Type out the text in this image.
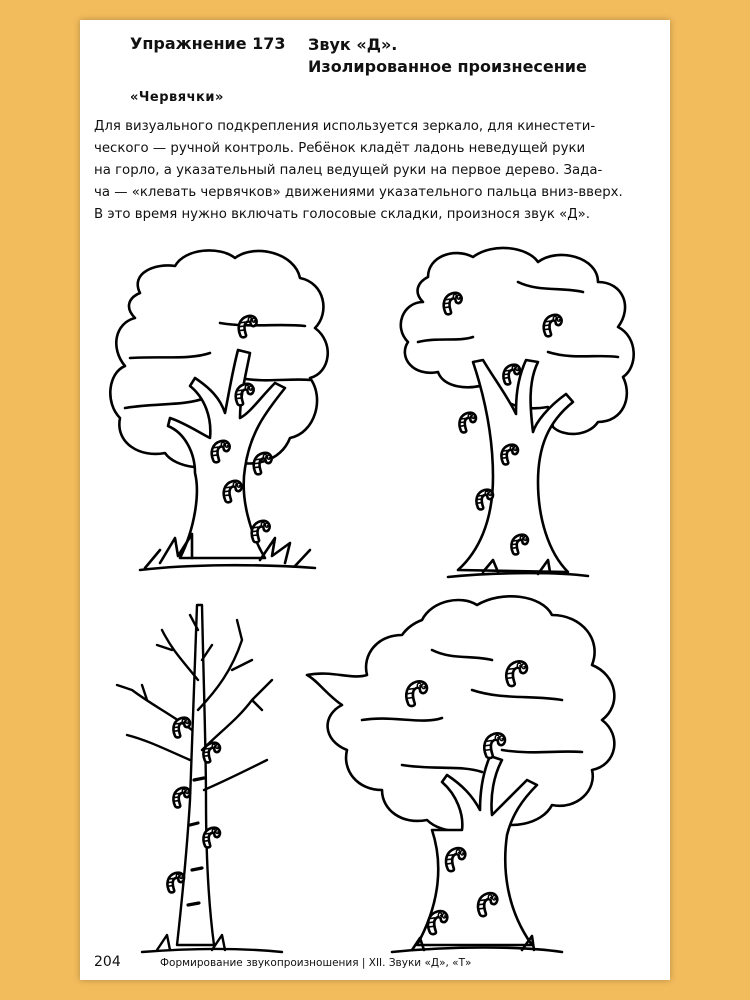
Упражнение 173 Звук «Д».
Изолированное произнесение
«Червячки»
Для визуального подкрепления используется зеркало, для кинестети-
ческого — ручной контроль. Ребёнок кладёт ладонь неведущей руки
на горло, а указательный палец ведущей руки на первое дерево. Зада-
ча — «клевать червячков» движениями указательного пальца вниз-вверх.
В это время нужно включать голосовые складки, произнося звук «Д».
204	Формирование звукопроизношения | XII. Звуки «Д», «Т»
